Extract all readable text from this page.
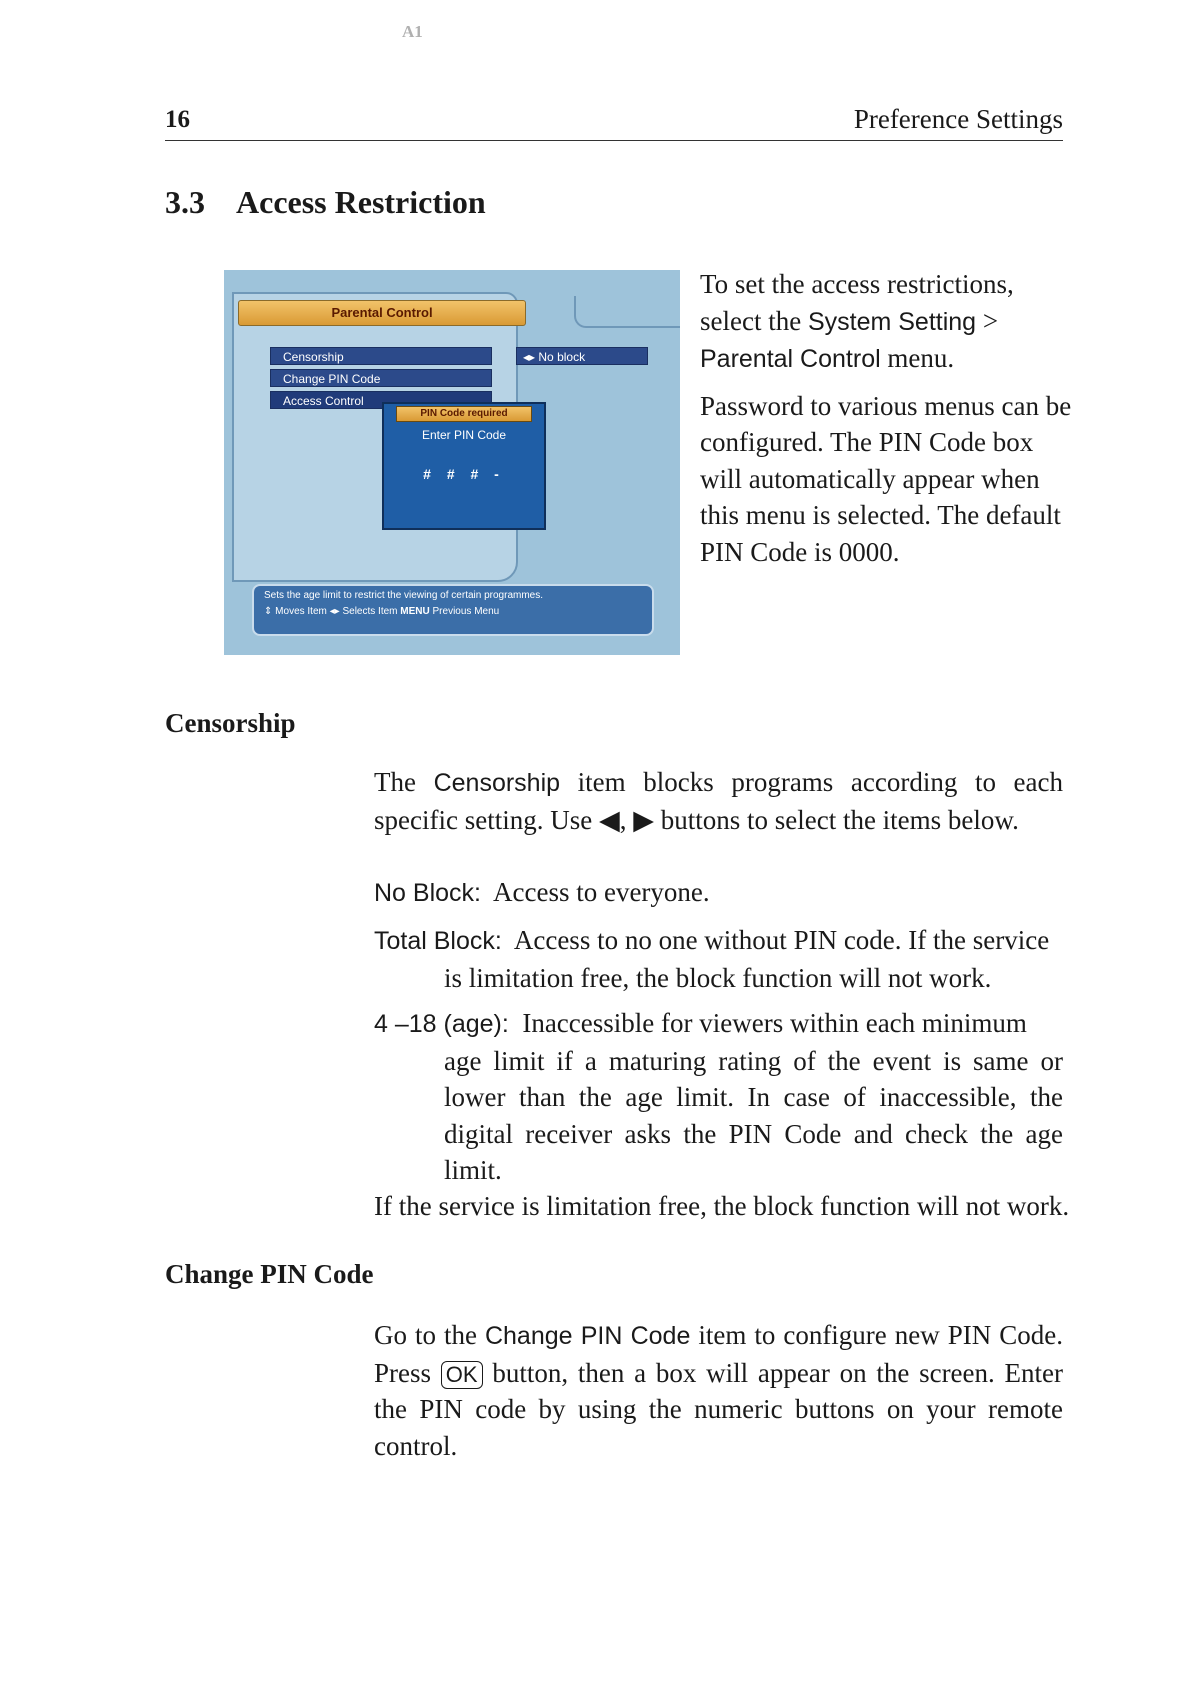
A1
16	Preference Settings
3.3 Access Restriction
Parental Control
Censorship
Change PIN Code
Access Control
◂▸ No block
PIN Code required
Enter PIN Code
# # # -
Sets the age limit to restrict the viewing of certain programmes.
⇕ Moves Item ◂▸ Selects Item MENU Previous Menu

To set the access restrictions, select the System Setting > Parental Control menu.

Password to various menus can be configured. The PIN Code box will automatically appear when this menu is selected. The default PIN Code is 0000.

Censorship
The Censorship item blocks programs according to each specific setting. Use ◀, ▶ buttons to select the items below.
No Block: Access to everyone.
Total Block: Access to no one without PIN code. If the service
is limitation free, the block function will not work.
4 –18 (age): Inaccessible for viewers within each minimum
age limit if a maturing rating of the event is same or lower than the age limit. In case of inaccessible, the digital receiver asks the PIN Code and check the age limit.
If the service is limitation free, the block function will not work.
Change PIN Code
Go to the Change PIN Code item to configure new PIN Code. Press OK button, then a box will appear on the screen. Enter the PIN code by using the numeric buttons on your remote control.
